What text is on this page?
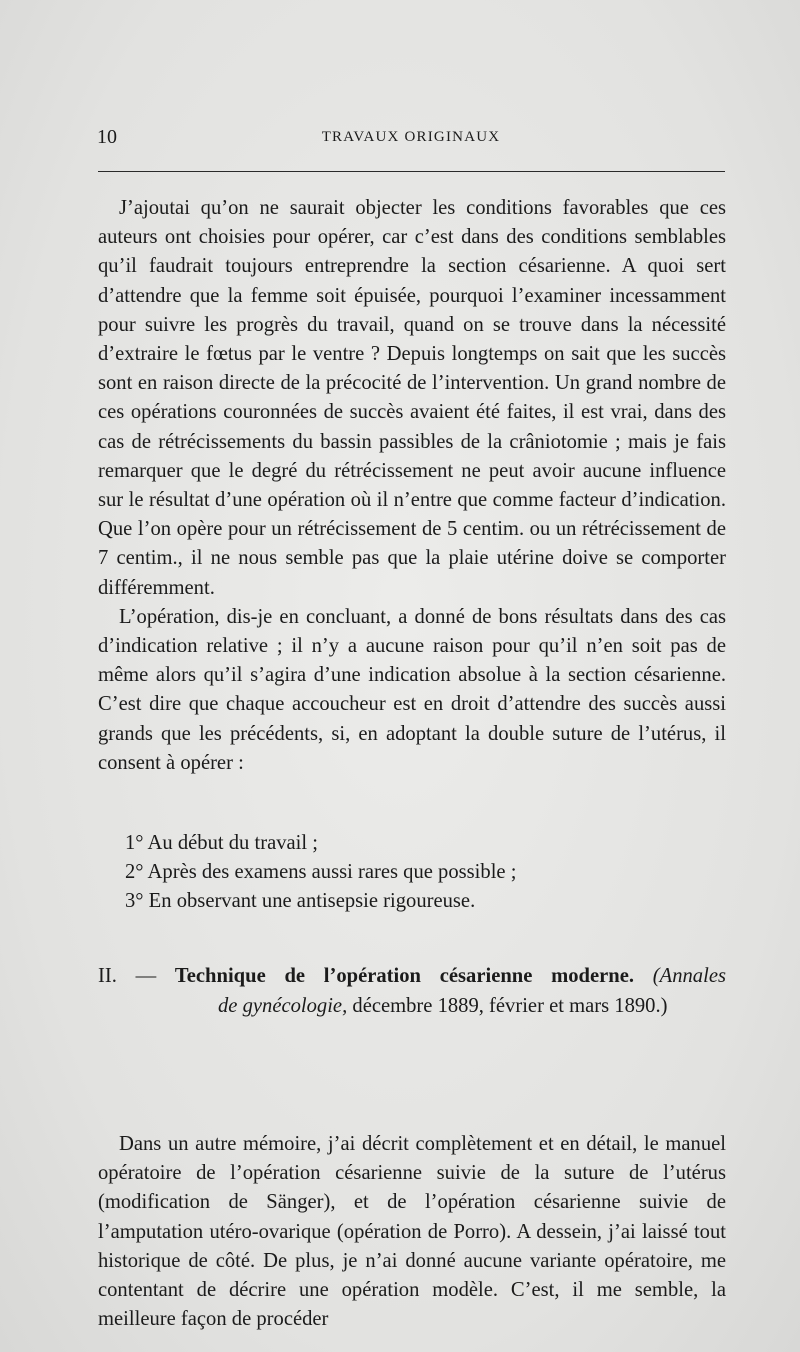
10	TRAVAUX ORIGINAUX

J’ajoutai qu’on ne saurait objecter les conditions favorables que ces auteurs ont choisies pour opérer, car c’est dans des conditions semblables qu’il faudrait toujours entreprendre la section césarienne. A quoi sert d’attendre que la femme soit épuisée, pourquoi l’examiner incessamment pour suivre les progrès du travail, quand on se trouve dans la nécessité d’extraire le fœtus par le ventre ? Depuis longtemps on sait que les succès sont en raison directe de la précocité de l’intervention. Un grand nombre de ces opérations couronnées de succès avaient été faites, il est vrai, dans des cas de rétrécissements du bassin passibles de la crâniotomie ; mais je fais remarquer que le degré du rétrécissement ne peut avoir aucune influence sur le résultat d’une opération où il n’entre que comme facteur d’indication. Que l’on opère pour un rétrécissement de 5 centim. ou un rétrécissement de 7 centim., il ne nous semble pas que la plaie utérine doive se comporter différemment.

L’opération, dis-je en concluant, a donné de bons résultats dans des cas d’indication relative ; il n’y a aucune raison pour qu’il n’en soit pas de même alors qu’il s’agira d’une indication absolue à la section césarienne. C’est dire que chaque accoucheur est en droit d’attendre des succès aussi grands que les précédents, si, en adoptant la double suture de l’utérus, il consent à opérer :

1° Au début du travail ;

2° Après des examens aussi rares que possible ;

3° En observant une antisepsie rigoureuse.

II. — Technique de l’opération césarienne moderne. (Annales

de gynécologie, décembre 1889, février et mars 1890.)

Dans un autre mémoire, j’ai décrit complètement et en détail, le manuel opératoire de l’opération césarienne suivie de la suture de l’utérus (modification de Sänger), et de l’opération césarienne suivie de l’amputation utéro-ovarique (opération de Porro). A dessein, j’ai laissé tout historique de côté. De plus, je n’ai donné aucune variante opératoire, me contentant de décrire une opération modèle. C’est, il me semble, la meilleure façon de procéder
